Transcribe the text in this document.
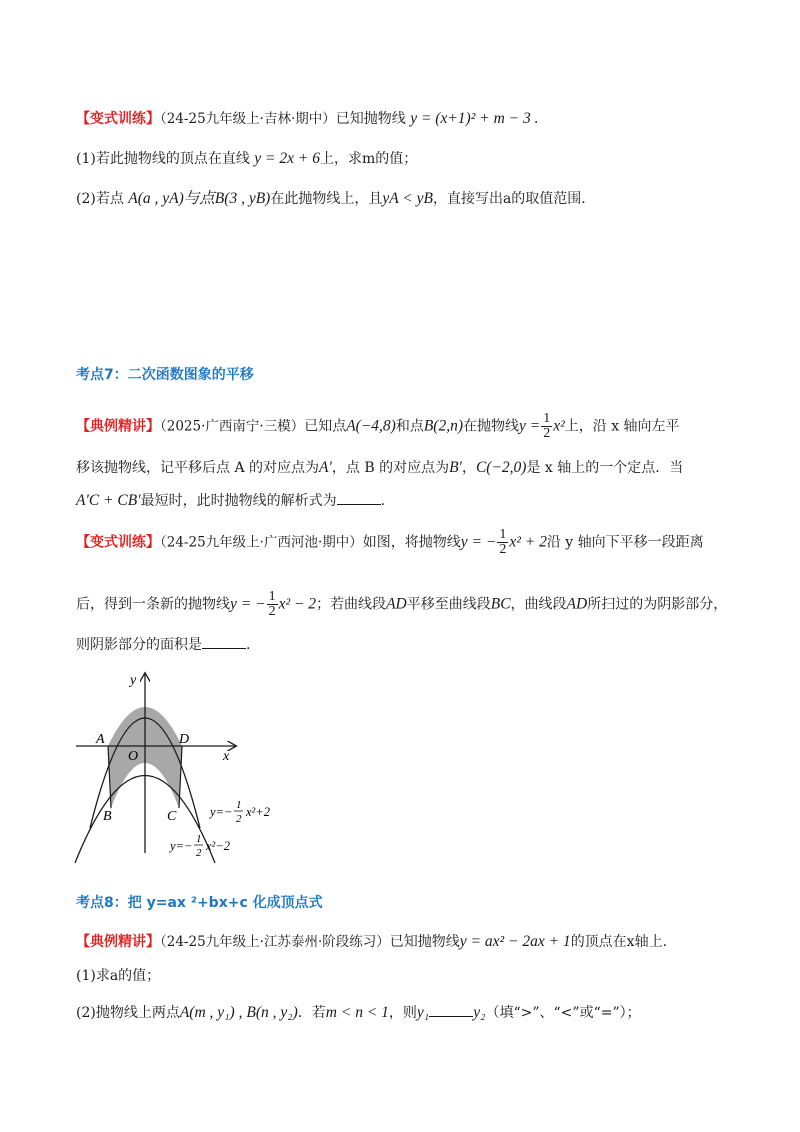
【变式训练】（24-25九年级上·吉林·期中）已知抛物线 y = (x+1)² + m − 3 .
(1)若此抛物线的顶点在直线 y = 2x + 6上，求m的值；
(2)若点 A(a , yA)与点B(3 , yB)在此抛物线上，且yA < yB，直接写出a的取值范围.
考点7：二次函数图象的平移
【典例精讲】（2025·广西南宁·三模）已知点A(−4,8)和点B(2,n)在抛物线$y = \frac{1}{2} x^2$上，沿 x 轴向左平
移该抛物线，记平移后点 A 的对应点为A′，点 B 的对应点为B′，C(−2,0)是 x 轴上的一个定点．当
A′C + CB′最短时，此时抛物线的解析式为	.
【变式训练】（24-25九年级上·广西河池·期中）如图，将抛物线y = − $\frac{1}{2} x^2 + 2$沿 y 轴向下平移一段距离
后，得到一条新的抛物线y = − $\frac{1}{2} x^2 - 2$；若曲线段AD平移至曲线段BC，曲线段AD所扫过的为阴影部分，
则阴影部分的面积是	.
y
x
A
O
D
B	C	y=− 1
2 x²+2
y=− 1
2 x²−2
考点8：把 y=ax ²+bx+c 化成顶点式
【典例精讲】（24-25九年级上·江苏泰州·阶段练习）已知抛物线y = ax² − 2ax + 1的顶点在x轴上.
(1)求a的值；
(2)抛物线上两点A(m , y₁) , B(n , y₂)．若m < n < 1，则y₁	y₂（填“>”、“<”或“=”）；
